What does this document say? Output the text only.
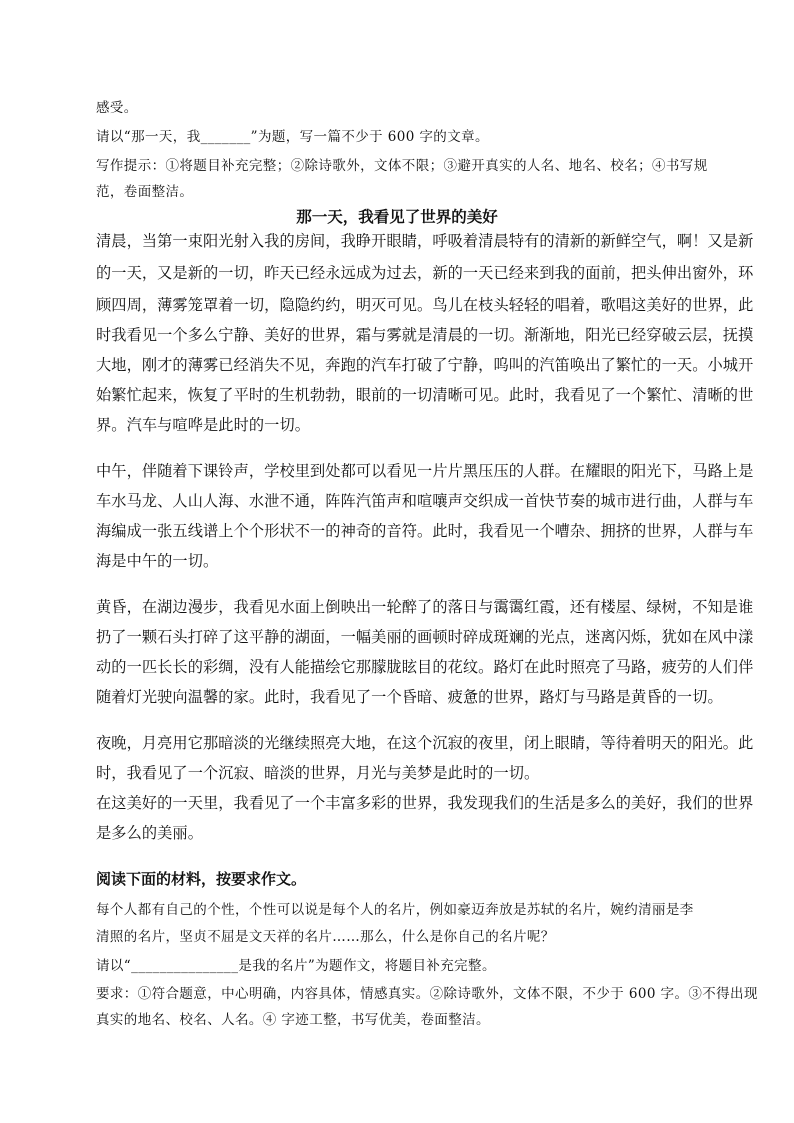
感受。
请以“那一天，我_______”为题，写一篇不少于 600 字的文章。
写作提示：①将题目补充完整；②除诗歌外，文体不限；③避开真实的人名、地名、校名；④书写规
范，卷面整洁。
那一天，我看见了世界的美好
清晨，当第一束阳光射入我的房间，我睁开眼睛，呼吸着清晨特有的清新的新鲜空气，啊！又是新
的一天，又是新的一切，昨天已经永远成为过去，新的一天已经来到我的面前，把头伸出窗外，环
顾四周，薄雾笼罩着一切，隐隐约约，明灭可见。鸟儿在枝头轻轻的唱着，歌唱这美好的世界，此
时我看见一个多么宁静、美好的世界，霜与雾就是清晨的一切。渐渐地，阳光已经穿破云层，抚摸
大地，刚才的薄雾已经消失不见，奔跑的汽车打破了宁静，呜叫的汽笛唤出了繁忙的一天。小城开
始繁忙起来，恢复了平时的生机勃勃，眼前的一切清晰可见。此时，我看见了一个繁忙、清晰的世
界。汽车与喧哗是此时的一切。
中午，伴随着下课铃声，学校里到处都可以看见一片片黑压压的人群。在耀眼的阳光下，马路上是
车水马龙、人山人海、水泄不通，阵阵汽笛声和喧嚷声交织成一首快节奏的城市进行曲，人群与车
海编成一张五线谱上个个形状不一的神奇的音符。此时，我看见一个嘈杂、拥挤的世界，人群与车
海是中午的一切。
黄昏，在湖边漫步，我看见水面上倒映出一轮醉了的落日与霭霭红霞，还有楼屋、绿树，不知是谁
扔了一颗石头打碎了这平静的湖面，一幅美丽的画顿时碎成斑斓的光点，迷离闪烁，犹如在风中漾
动的一匹长长的彩绸，没有人能描绘它那朦胧眩目的花纹。路灯在此时照亮了马路，疲劳的人们伴
随着灯光驶向温馨的家。此时，我看见了一个昏暗、疲惫的世界，路灯与马路是黄昏的一切。
夜晚，月亮用它那暗淡的光继续照亮大地，在这个沉寂的夜里，闭上眼睛，等待着明天的阳光。此
时，我看见了一个沉寂、暗淡的世界，月光与美梦是此时的一切。
在这美好的一天里，我看见了一个丰富多彩的世界，我发现我们的生活是多么的美好，我们的世界
是多么的美丽。
阅读下面的材料，按要求作文。
每个人都有自己的个性，个性可以说是每个人的名片，例如豪迈奔放是苏轼的名片，婉约清丽是李
清照的名片，坚贞不屈是文天祥的名片……那么，什么是你自己的名片呢？
请以“_______________是我的名片”为题作文，将题目补充完整。
要求：①符合题意，中心明确，内容具体，情感真实。②除诗歌外，文体不限，不少于 600 字。③不得出现
真实的地名、校名、人名。④ 字迹工整，书写优美，卷面整洁。
